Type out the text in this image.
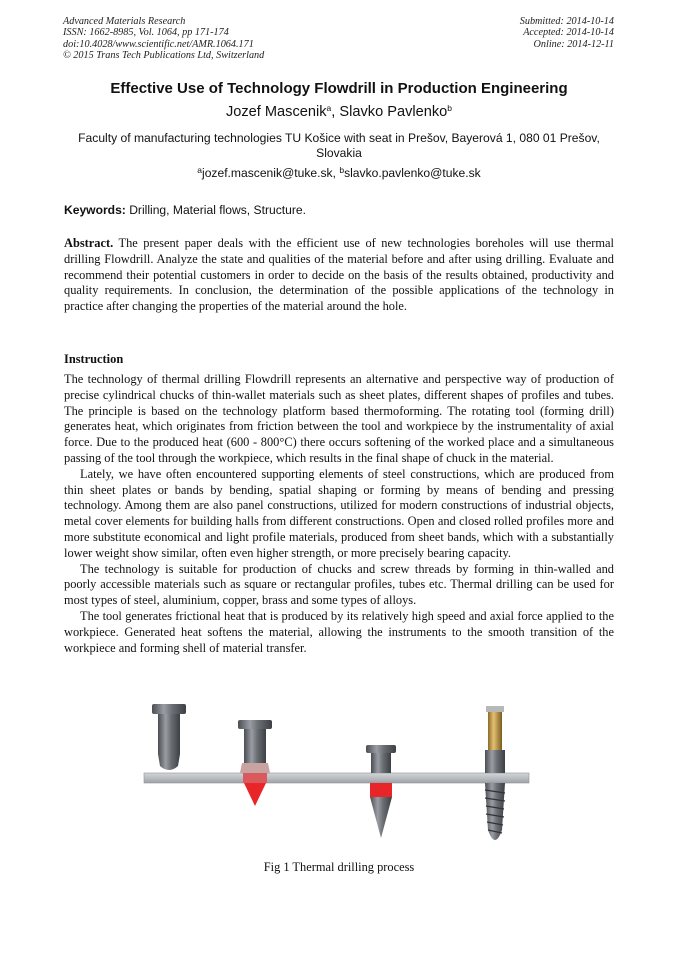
Advanced Materials Research
ISSN: 1662-8985, Vol. 1064, pp 171-174
doi:10.4028/www.scientific.net/AMR.1064.171
© 2015 Trans Tech Publications Ltd, Switzerland
Submitted: 2014-10-14
Accepted: 2014-10-14
Online: 2014-12-11
Effective Use of Technology Flowdrill in Production Engineering
Jozef Mascenik$^a$, Slavko Pavlenko$^b$
Faculty of manufacturing technologies TU Košice with seat in Prešov, Bayerová 1, 080 01 Prešov, Slovakia
$^a$jozef.mascenik@tuke.sk, $^b$slavko.pavlenko@tuke.sk
Keywords: Drilling, Material flows, Structure.
Abstract. The present paper deals with the efficient use of new technologies boreholes will use thermal drilling Flowdrill. Analyze the state and qualities of the material before and after using drilling. Evaluate and recommend their potential customers in order to decide on the basis of the results obtained, productivity and quality requirements. In conclusion, the determination of the possible applications of the technology in practice after changing the properties of the material around the hole.
Instruction

The technology of thermal drilling Flowdrill represents an alternative and perspective way of production of precise cylindrical chucks of thin-wallet materials such as sheet plates, different shapes of profiles and tubes. The principle is based on the technology platform based thermoforming. The rotating tool (forming drill) generates heat, which originates from friction between the tool and workpiece by the instrumentality of axial force. Due to the produced heat (600 - 800°C) there occurs softening of the worked place and a simultaneous passing of the tool through the workpiece, which results in the final shape of chuck in the material.

Lately, we have often encountered supporting elements of steel constructions, which are produced from thin sheet plates or bands by bending, spatial shaping or forming by means of bending and pressing technology. Among them are also panel constructions, utilized for modern constructions of industrial objects, metal cover elements for building halls from different constructions. Open and closed rolled profiles more and more substitute economical and light profile materials, produced from sheet bands, which with a substantially lower weight show similar, often even higher strength, or more precisely bearing capacity.

The technology is suitable for production of chucks and screw threads by forming in thin-walled and poorly accessible materials such as square or rectangular profiles, tubes etc. Thermal drilling can be used for most types of steel, aluminium, copper, brass and some types of alloys.

The tool generates frictional heat that is produced by its relatively high speed and axial force applied to the workpiece. Generated heat softens the material, allowing the instruments to the smooth transition of the workpiece and forming shell of material transfer.

Fig 1 Thermal drilling process
